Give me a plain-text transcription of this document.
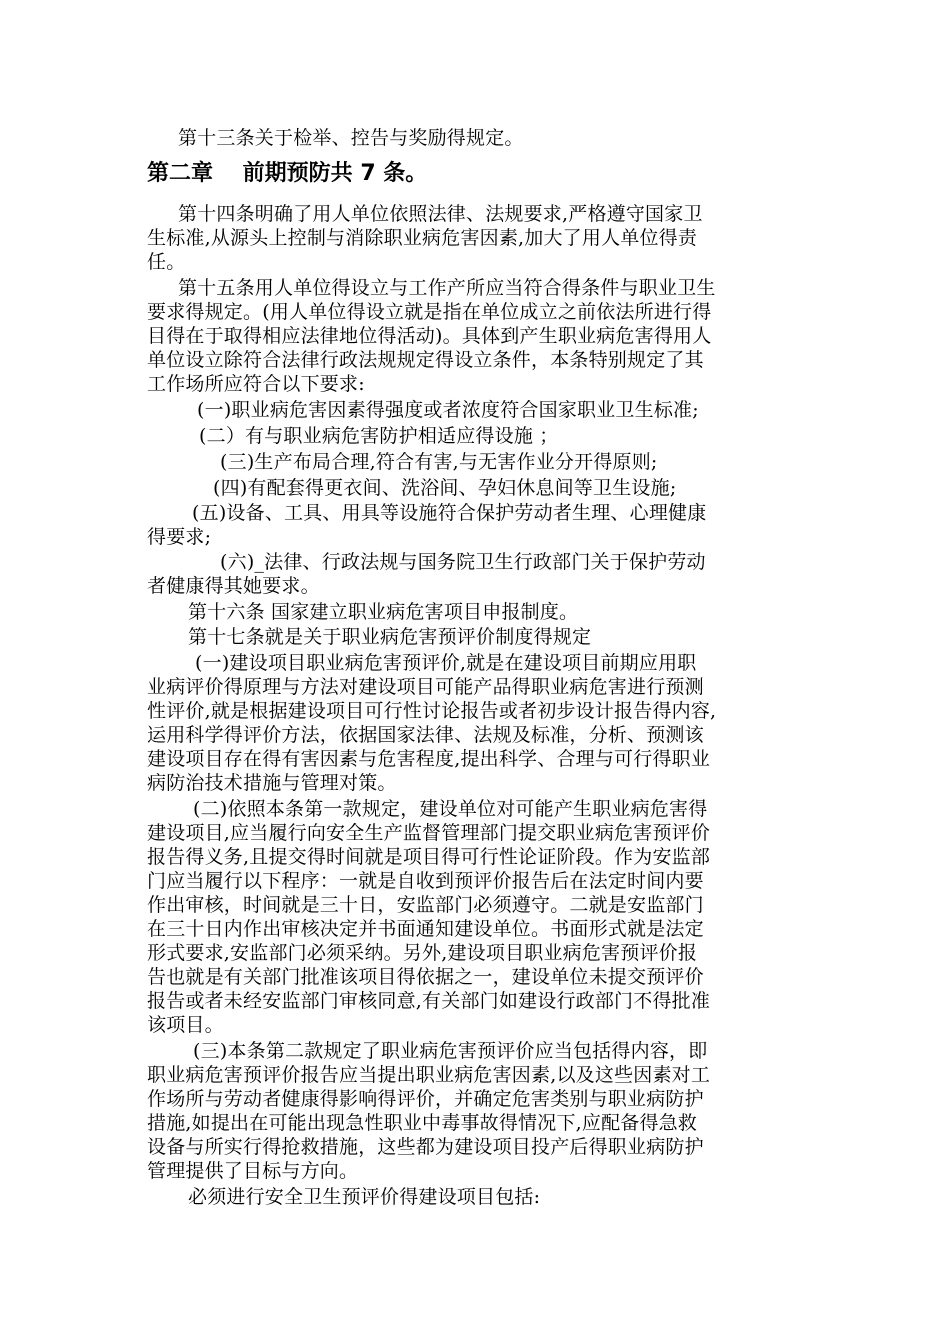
第十三条关于检举、控告与奖励得规定。
第二章　 前期预防共 7 条。
第十四条明确了用人单位依照法律、法规要求,严格遵守国家卫
生标准,从源头上控制与消除职业病危害因素,加大了用人单位得责
任。
第十五条用人单位得设立与工作产所应当符合得条件与职业卫生
要求得规定。(用人单位得设立就是指在单位成立之前依法所进行得
目得在于取得相应法律地位得活动)。具体到产生职业病危害得用人
单位设立除符合法律行政法规规定得设立条件，本条特别规定了其
工作场所应符合以下要求:
(一)职业病危害因素得强度或者浓度符合国家职业卫生标准;
(二）有与职业病危害防护相适应得设施 ；
(三)生产布局合理,符合有害,与无害作业分开得原则;
(四)有配套得更衣间、洗浴间、孕妇休息间等卫生设施;
(五)设备、工具、用具等设施符合保护劳动者生理、心理健康
得要求;
(六)_法律、行政法规与国务院卫生行政部门关于保护劳动
者健康得其她要求。
第十六条 国家建立职业病危害项目申报制度。
第十七条就是关于职业病危害预评价制度得规定
(一)建设项目职业病危害预评价,就是在建设项目前期应用职
业病评价得原理与方法对建设项目可能产品得职业病危害进行预测
性评价,就是根据建设项目可行性讨论报告或者初步设计报告得内容,
运用科学得评价方法，依据国家法律、法规及标准，分析、预测该
建设项目存在得有害因素与危害程度,提出科学、合理与可行得职业
病防治技术措施与管理对策。
(二)依照本条第一款规定，建设单位对可能产生职业病危害得
建设项目,应当履行向安全生产监督管理部门提交职业病危害预评价
报告得义务,且提交得时间就是项目得可行性论证阶段。作为安监部
门应当履行以下程序：一就是自收到预评价报告后在法定时间内要
作出审核，时间就是三十日，安监部门必须遵守。二就是安监部门
在三十日内作出审核决定并书面通知建设单位。书面形式就是法定
形式要求,安监部门必须采纳。另外,建设项目职业病危害预评价报
告也就是有关部门批准该项目得依据之一，建设单位未提交预评价
报告或者未经安监部门审核同意,有关部门如建设行政部门不得批准
该项目。
(三)本条第二款规定了职业病危害预评价应当包括得内容，即
职业病危害预评价报告应当提出职业病危害因素,以及这些因素对工
作场所与劳动者健康得影响得评价，并确定危害类别与职业病防护
措施,如提出在可能出现急性职业中毒事故得情况下,应配备得急救
设备与所实行得抢救措施，这些都为建设项目投产后得职业病防护
管理提供了目标与方向。
必须进行安全卫生预评价得建设项目包括:
